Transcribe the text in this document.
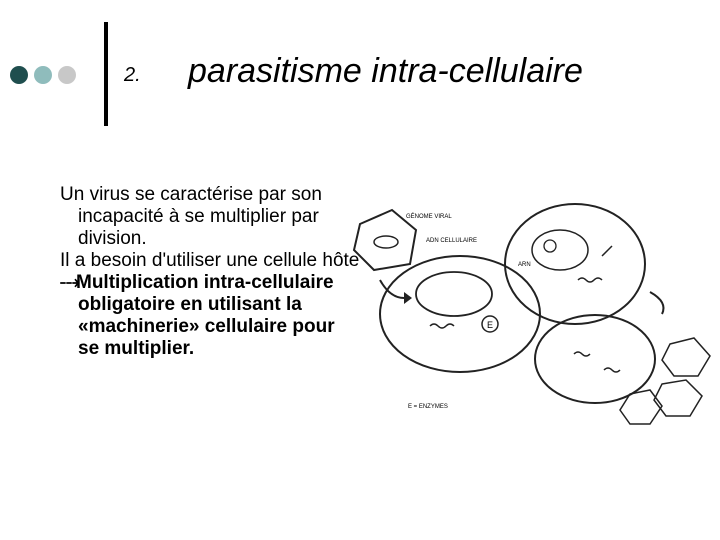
2. parasitisme intra-cellulaire

Un virus se caractérise par son incapacité à se multiplier par division.

Il a besoin d'utiliser une cellule hôte

⤏Multiplication intra-cellulaire obligatoire en utilisant la «machinerie» cellulaire pour se multiplier.

E
GÉNOME VIRAL
ADN CELLULAIRE
ARN
E = ENZYMES
